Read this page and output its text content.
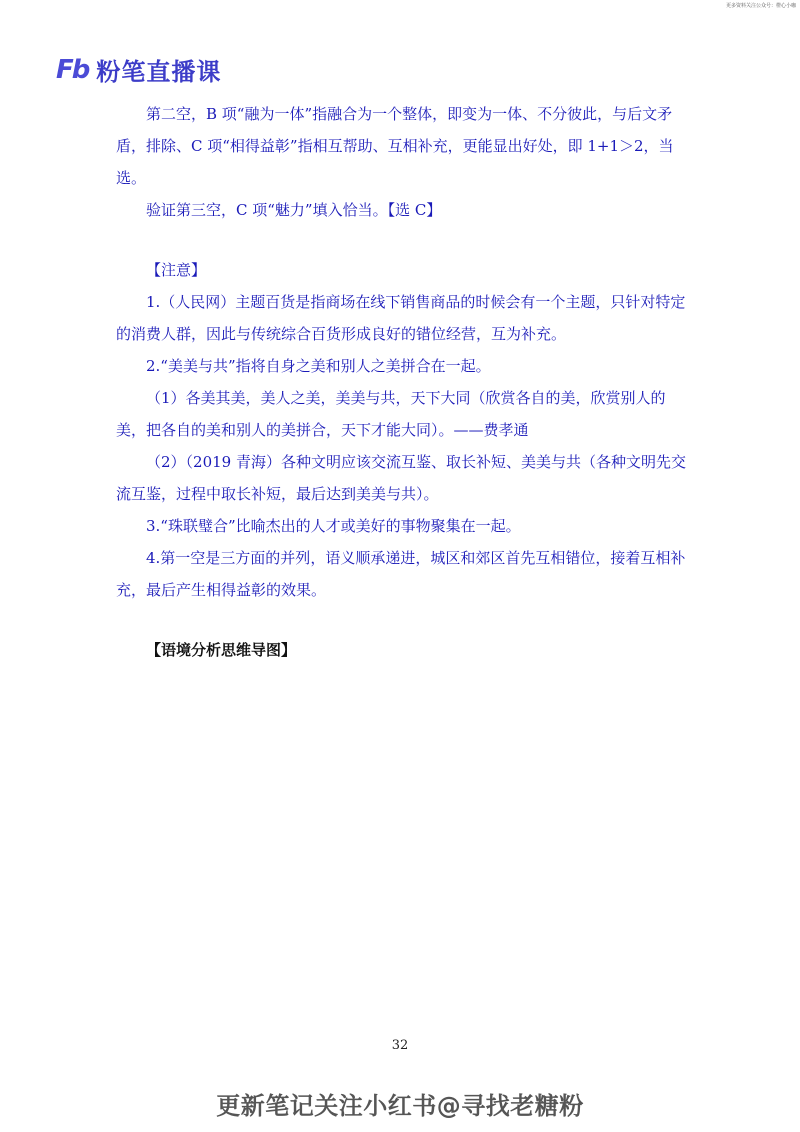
更多资料关注公众号：橙心小咖
Fb 粉笔直播课

第二空，B 项“融为一体”指融合为一个整体，即变为一体、不分彼此，与后文矛盾，排除、C 项“相得益彰”指相互帮助、互相补充，更能显出好处，即 1+1＞2，当选。

验证第三空，C 项“魅力”填入恰当。【选 C】

【注意】

1.（人民网）主题百货是指商场在线下销售商品的时候会有一个主题，只针对特定的消费人群，因此与传统综合百货形成良好的错位经营，互为补充。

2.“美美与共”指将自身之美和别人之美拼合在一起。

（1）各美其美，美人之美，美美与共，天下大同（欣赏各自的美，欣赏别人的美，把各自的美和别人的美拼合，天下才能大同）。——费孝通

（2）（2019 青海）各种文明应该交流互鉴、取长补短、美美与共（各种文明先交流互鉴，过程中取长补短，最后达到美美与共）。

3.“珠联璧合”比喻杰出的人才或美好的事物聚集在一起。

4.第一空是三方面的并列，语义顺承递进，城区和郊区首先互相错位，接着互相补充，最后产生相得益彰的效果。

【语境分析思维导图】

32
更新笔记关注小红书@寻找老糖粉
